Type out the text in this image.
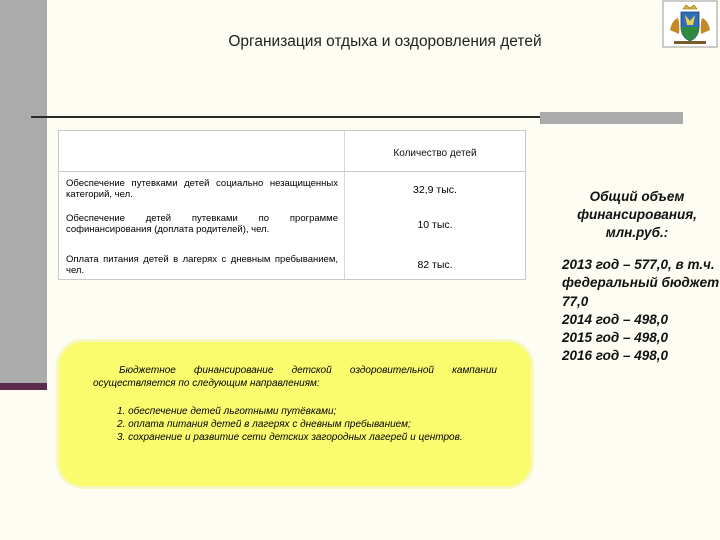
Организация отдыха и оздоровления детей
Количество детей
Обеспечение путевками детей социально незащищенных категорий, чел.	32,9 тыс.
Обеспечение детей путевками по программе софинансирования (доплата родителей), чел.	10 тыс.
Оплата питания детей в лагерях с дневным пребыванием, чел.	82 тыс.
Бюджетное финансирование детской оздоровительной кампании осуществляется по следующим направлениям:
1. обеспечение детей льготными путёвками;
2. оплата питания детей в лагерях с дневным пребыванием;
3. сохранение и развитие сети детских загородных лагерей и центров.
Общий объем финансирования, млн.руб.:
2013 год – 577,0, в т.ч. федеральный бюджет 77,0
2014 год – 498,0
2015 год – 498,0
2016 год – 498,0
